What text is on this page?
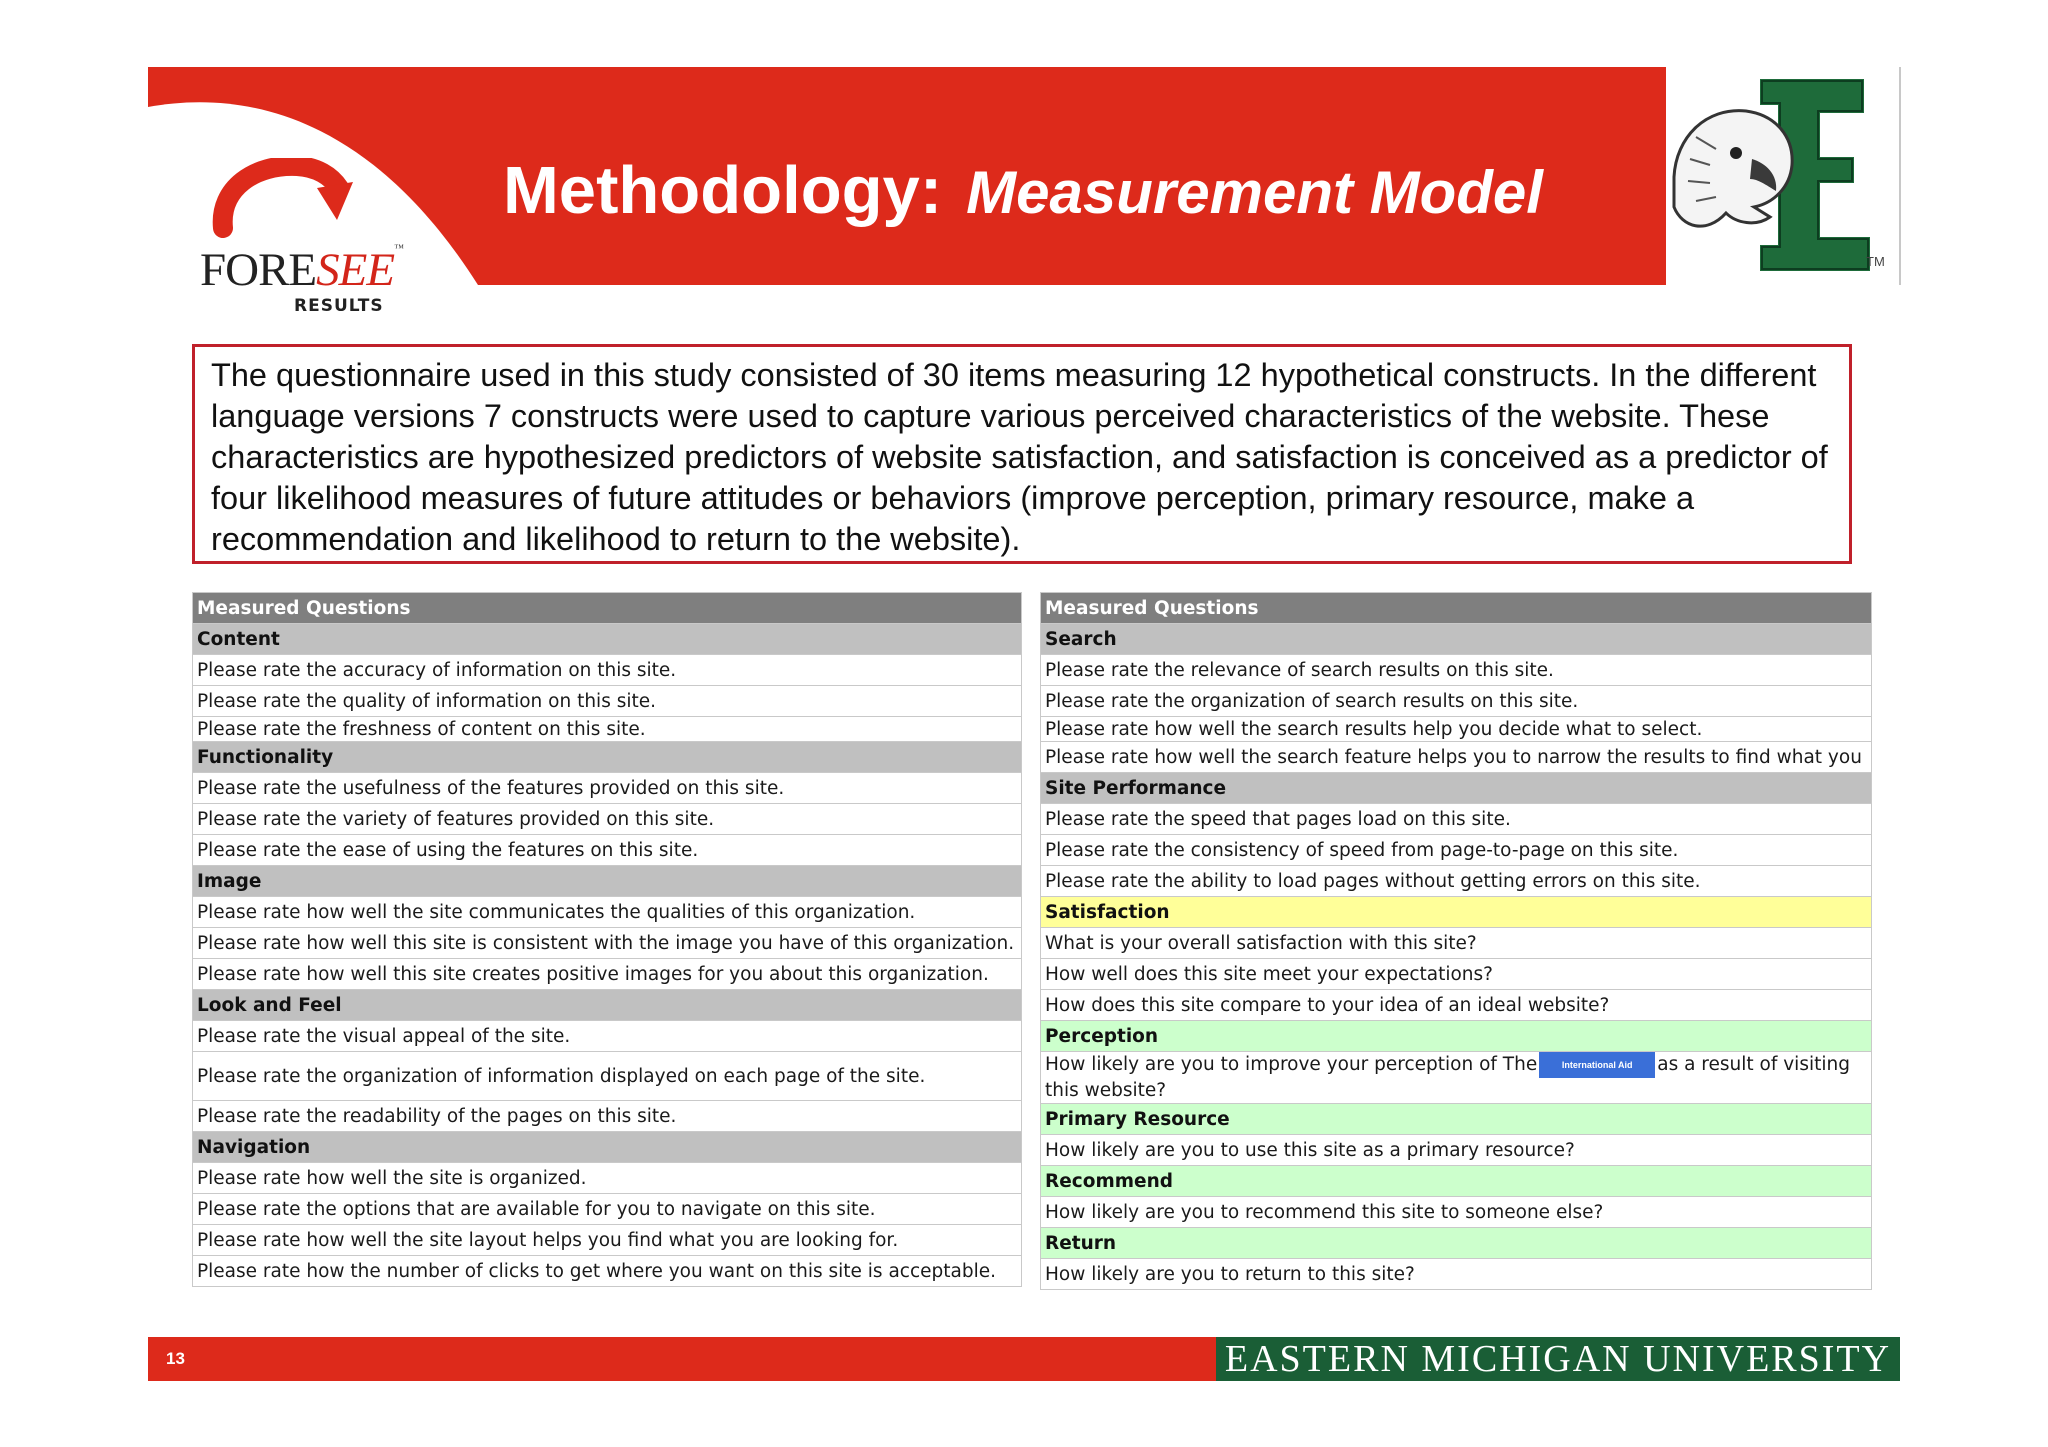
Methodology: Measurement Model
FORESEE™
RESULTS
TM
The questionnaire used in this study consisted of 30 items measuring 12 hypothetical constructs. In the different language versions 7 constructs were used to capture various perceived characteristics of the website. These characteristics are hypothesized predictors of website satisfaction, and satisfaction is conceived as a predictor of four likelihood measures of future attitudes or behaviors (improve perception, primary resource, make a recommendation and likelihood to return to the website).
Measured Questions
Content
Please rate the accuracy of information on this site.
Please rate the quality of information on this site.
Please rate the freshness of content on this site.
Functionality
Please rate the usefulness of the features provided on this site.
Please rate the variety of features provided on this site.
Please rate the ease of using the features on this site.
Image
Please rate how well the site communicates the qualities of this organization.
Please rate how well this site is consistent with the image you have of this organization.
Please rate how well this site creates positive images for you about this organization.
Look and Feel
Please rate the visual appeal of the site.
Please rate the organization of information displayed on each page of the site.
Please rate the readability of the pages on this site.
Navigation
Please rate how well the site is organized.
Please rate the options that are available for you to navigate on this site.
Please rate how well the site layout helps you find what you are looking for.
Please rate how the number of clicks to get where you want on this site is acceptable.
Measured Questions
Search
Please rate the relevance of search results on this site.
Please rate the organization of search results on this site.
Please rate how well the search results help you decide what to select.
Please rate how well the search feature helps you to narrow the results to find what you
Site Performance
Please rate the speed that pages load on this site.
Please rate the consistency of speed from page-to-page on this site.
Please rate the ability to load pages without getting errors on this site.
Satisfaction
What is your overall satisfaction with this site?
How well does this site meet your expectations?
How does this site compare to your idea of an ideal website?
Perception
How likely are you to improve your perception of The	International Aid as a result of visiting this website?
Primary Resource
How likely are you to use this site as a primary resource?
Recommend
How likely are you to recommend this site to someone else?
Return
How likely are you to return to this site?
13	EASTERN MICHIGAN UNIVERSITY
